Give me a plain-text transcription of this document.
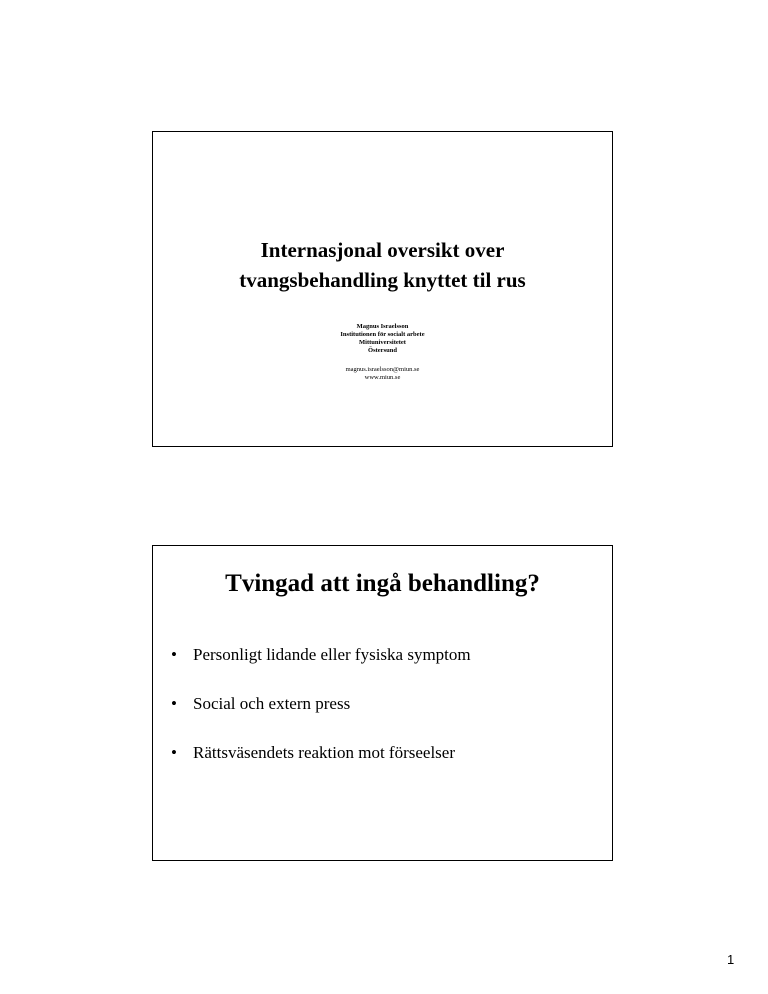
Internasjonal oversikt over
tvangsbehandling knyttet til rus
Magnus Israelsson
Institutionen för socialt arbete
Mittuniversitetet
Östersund
magnus.israelsson@miun.se
www.miun.se
Tvingad att ingå behandling?
• Personligt lidande eller fysiska symptom
• Social och extern press
• Rättsväsendets reaktion mot förseelser
1
